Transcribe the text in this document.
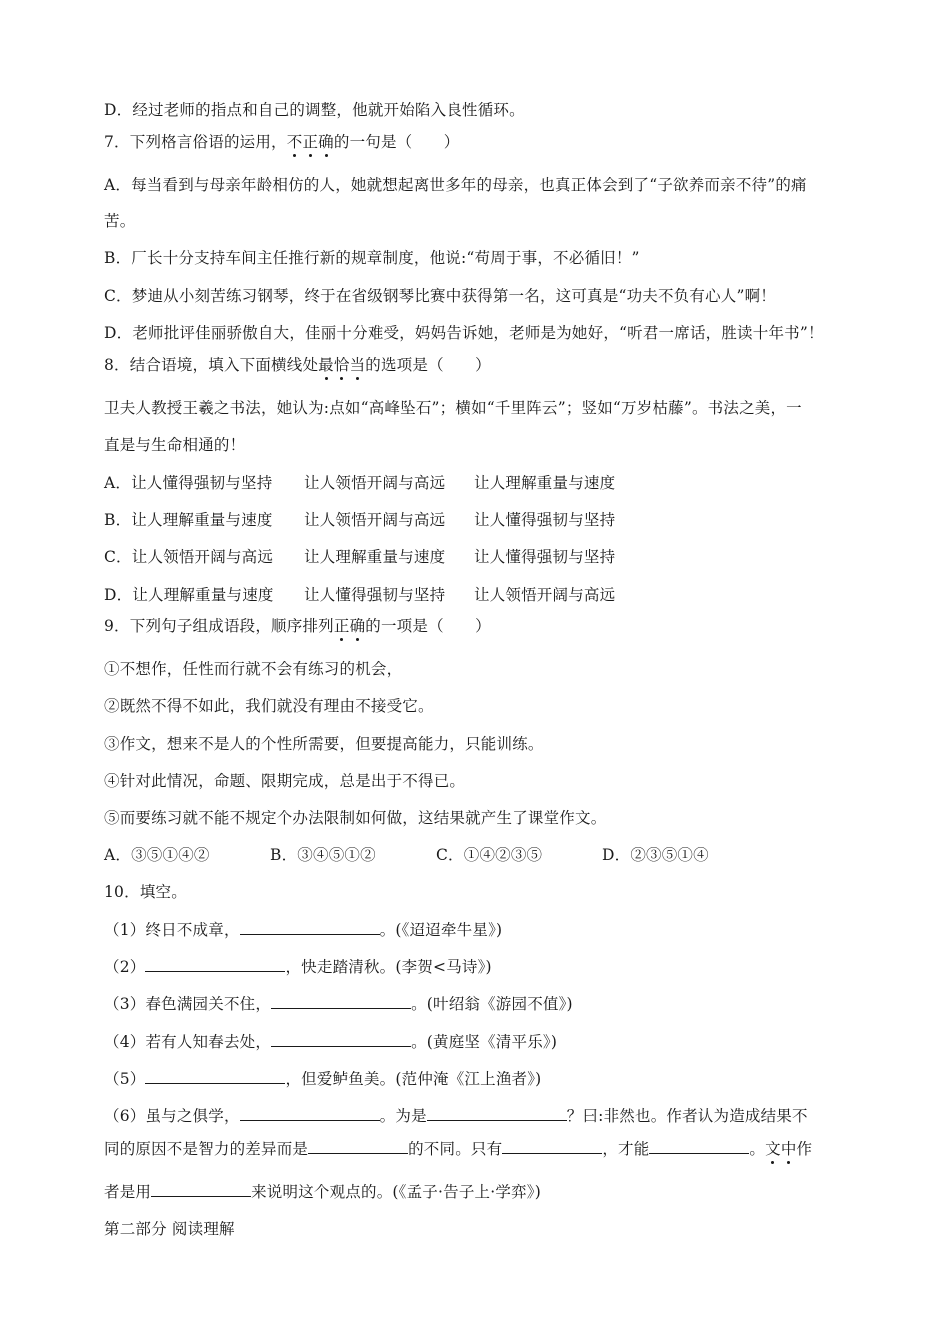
D．经过老师的指点和自己的调整，他就开始陷入良性循环。
7．下列格言俗语的运用，不正确的一句是（　　）
A．每当看到与母亲年龄相仿的人，她就想起离世多年的母亲，也真正体会到了“子欲养而亲不待”的痛
苦。
B．厂长十分支持车间主任推行新的规章制度，他说:“苟周于事，不必循旧！”
C．梦迪从小刻苦练习钢琴，终于在省级钢琴比赛中获得第一名，这可真是“功夫不负有心人”啊！
D．老师批评佳丽骄傲自大，佳丽十分难受，妈妈告诉她，老师是为她好，“听君一席话，胜读十年书”！
8．结合语境，填入下面横线处最恰当的选项是（　　）
卫夫人教授王羲之书法，她认为:点如“高峰坠石”；横如“千里阵云”；竖如“万岁枯藤”。书法之美，一
直是与生命相通的！
A．让人懂得强韧与坚持 让人领悟开阔与高远 让人理解重量与速度
B．让人理解重量与速度 让人领悟开阔与高远 让人懂得强韧与坚持
C．让人领悟开阔与高远 让人理解重量与速度 让人懂得强韧与坚持
D．让人理解重量与速度 让人懂得强韧与坚持 让人领悟开阔与高远
9．下列句子组成语段，顺序排列正确的一项是（　　）
①不想作，任性而行就不会有练习的机会，
②既然不得不如此，我们就没有理由不接受它。
③作文，想来不是人的个性所需要，但要提高能力，只能训练。
④针对此情况，命题、限期完成，总是出于不得已。
⑤而要练习就不能不规定个办法限制如何做，这结果就产生了课堂作文。
A．③⑤①④②	B．③④⑤①②	C．①④②③⑤	D．②③⑤①④
10．填空。
（1）终日不成章，	。(《迢迢牵牛星》)
（2）	，快走踏清秋。(李贺<马诗》)
（3）春色满园关不住，	。(叶绍翁《游园不值》)
（4）若有人知春去处，	。(黄庭坚《清平乐》)
（5）	，但爱鲈鱼美。(范仲淹《江上渔者》)
（6）虽与之俱学，	。为是	？曰:非然也。作者认为造成结果不
同的原因不是智力的差异而是	的不同。只有	，才能	。文中作
者是用	来说明这个观点的。(《孟子·告子上·学弈》)
第二部分 阅读理解
